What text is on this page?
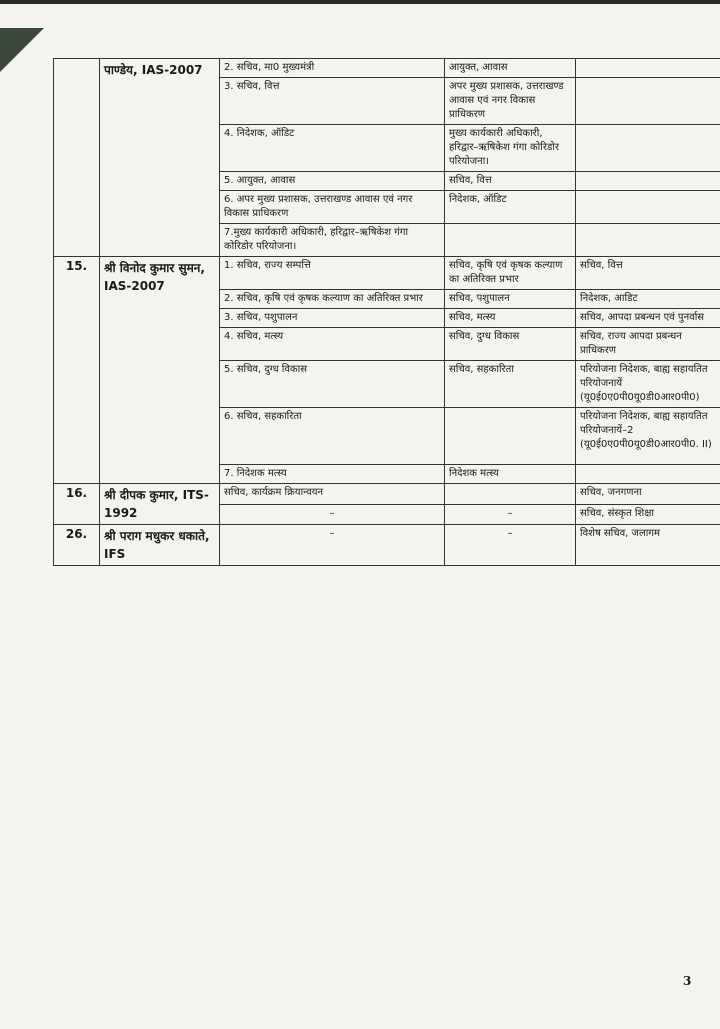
	पाण्डेय, IAS-2007	2. सचिव, मा0 मुख्यमंत्री	आयुक्त, आवास	
		3. सचिव, वित्त	अपर मुख्य प्रशासक, उत्तराखण्ड आवास एवं नगर विकास प्राधिकरण	
		4. निदेशक, ऑडिट	मुख्य कार्यकारी अधिकारी, हरिद्वार–ऋषिकेश गंगा कोरिडोर परियोजना।	
		5. आयुक्त, आवास	सचिव, वित्त	
		6. अपर मुख्य प्रशासक, उत्तराखण्ड आवास एवं नगर विकास प्राधिकरण	निदेशक, ऑडिट	
		7.मुख्य कार्यकारी अधिकारी, हरिद्वार–ऋषिकेश गंगा कोरिडोर परियोजना।		
15.	श्री विनोद कुमार सुमन, IAS-2007	1. सचिव, राज्य सम्पत्ति	सचिव, कृषि एवं कृषक कल्याण का अतिरिक्त प्रभार	सचिव, वित्त
		2. सचिव, कृषि एवं कृषक कल्याण का अतिरिक्त प्रभार	सचिव, पशुपालन	निदेशक, आडिट
		3. सचिव, पशुपालन	सचिव, मत्स्य	सचिव, आपदा प्रबन्धन एवं पुनर्वास
		4. सचिव, मत्स्य	सचिव, दुग्ध विकास	सचिव, राज्य आपदा प्रबन्धन प्राधिकरण
		5. सचिव, दुग्ध विकास	सचिव, सहकारिता	परियोजना निदेशक, बाह्य सहायतित परियोजनायें (यू0ई0ए0पी0यू0डी0आर0पी0)
		6. सचिव, सहकारिता		परियोजना निदेशक, बाह्य सहायतित परियोजनायें–2 (यू0ई0ए0पी0यू0डी0आर0पी0. II)
		7. निदेशक मत्स्य	निदेशक मत्स्य	
16.	श्री दीपक कुमार, ITS-1992	सचिव, कार्यक्रम क्रियान्वयन		सचिव, जनगणना
		–	–	सचिव, संस्कृत शिक्षा
26.	श्री पराग मधुकर धकाते, IFS	–	–	विशेष सचिव, जलागम
3
